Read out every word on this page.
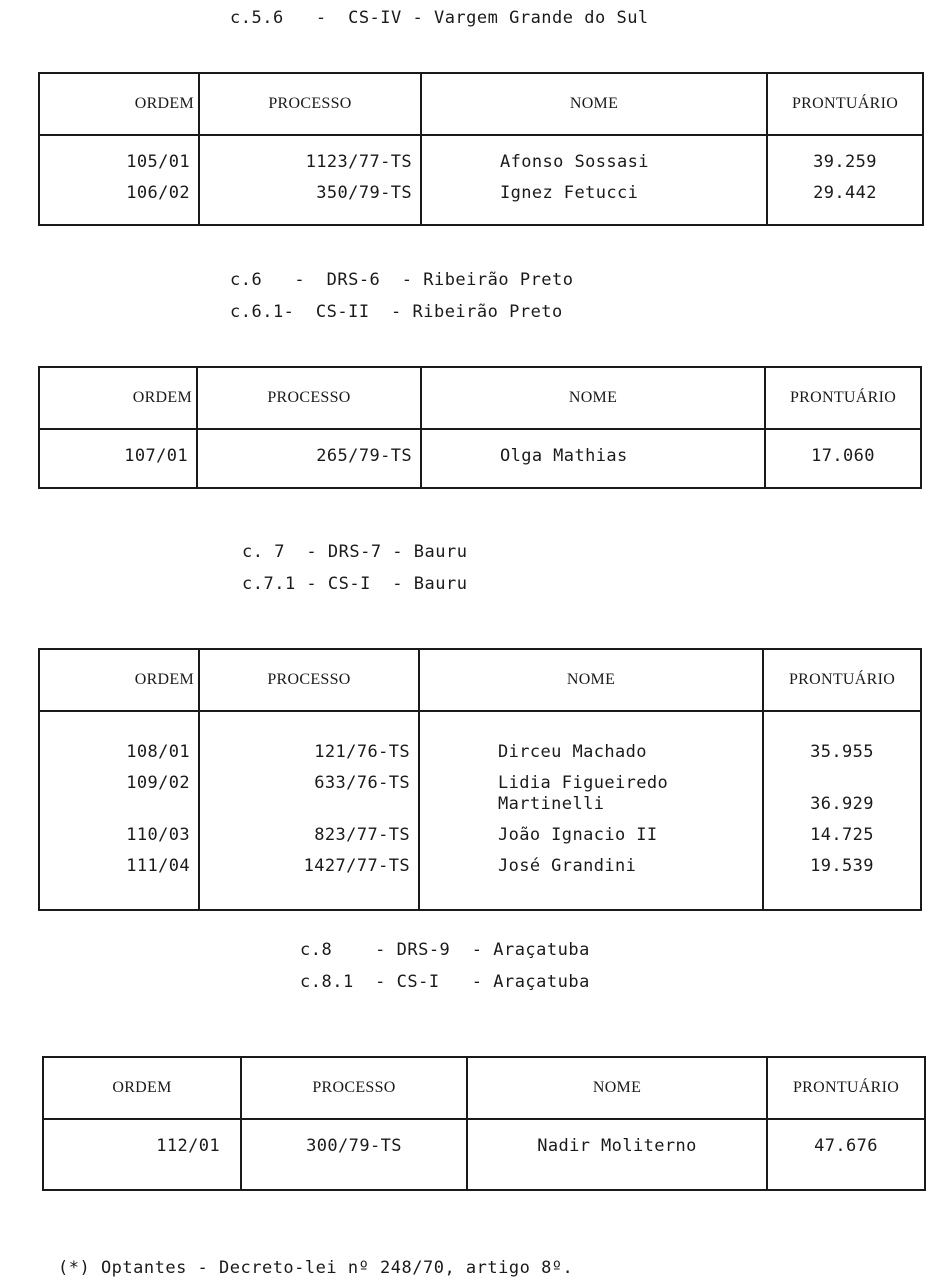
c.5.6   -  CS-IV - Vargem Grande do Sul
ORDEM	PROCESSO	NOME	PRONTUÁRIO
105/01	1123/77-TS	Afonso Sossasi	39.259
106/02	350/79-TS	Ignez Fetucci	29.442

c.6   -  DRS-6  - Ribeirão Preto
c.6.1-  CS-II  - Ribeirão Preto
ORDEM	PROCESSO	NOME	PRONTUÁRIO
107/01	265/79-TS	Olga Mathias	17.060

c. 7  - DRS-7 - Bauru
c.7.1 - CS-I  - Bauru
ORDEM	PROCESSO	NOME	PRONTUÁRIO
108/01	121/76-TS	Dirceu Machado	35.955
109/02	633/76-TS	Lidia Figueiredo
Martinelli	36.929
110/03	823/77-TS	João Ignacio II	14.725
111/04	1427/77-TS	José Grandini	19.539

c.8    - DRS-9  - Araçatuba
c.8.1  - CS-I   - Araçatuba
ORDEM	PROCESSO	NOME	PRONTUÁRIO
112/01	300/79-TS	Nadir Moliterno	47.676

(*) Optantes - Decreto-lei nº 248/70, artigo 8º.
